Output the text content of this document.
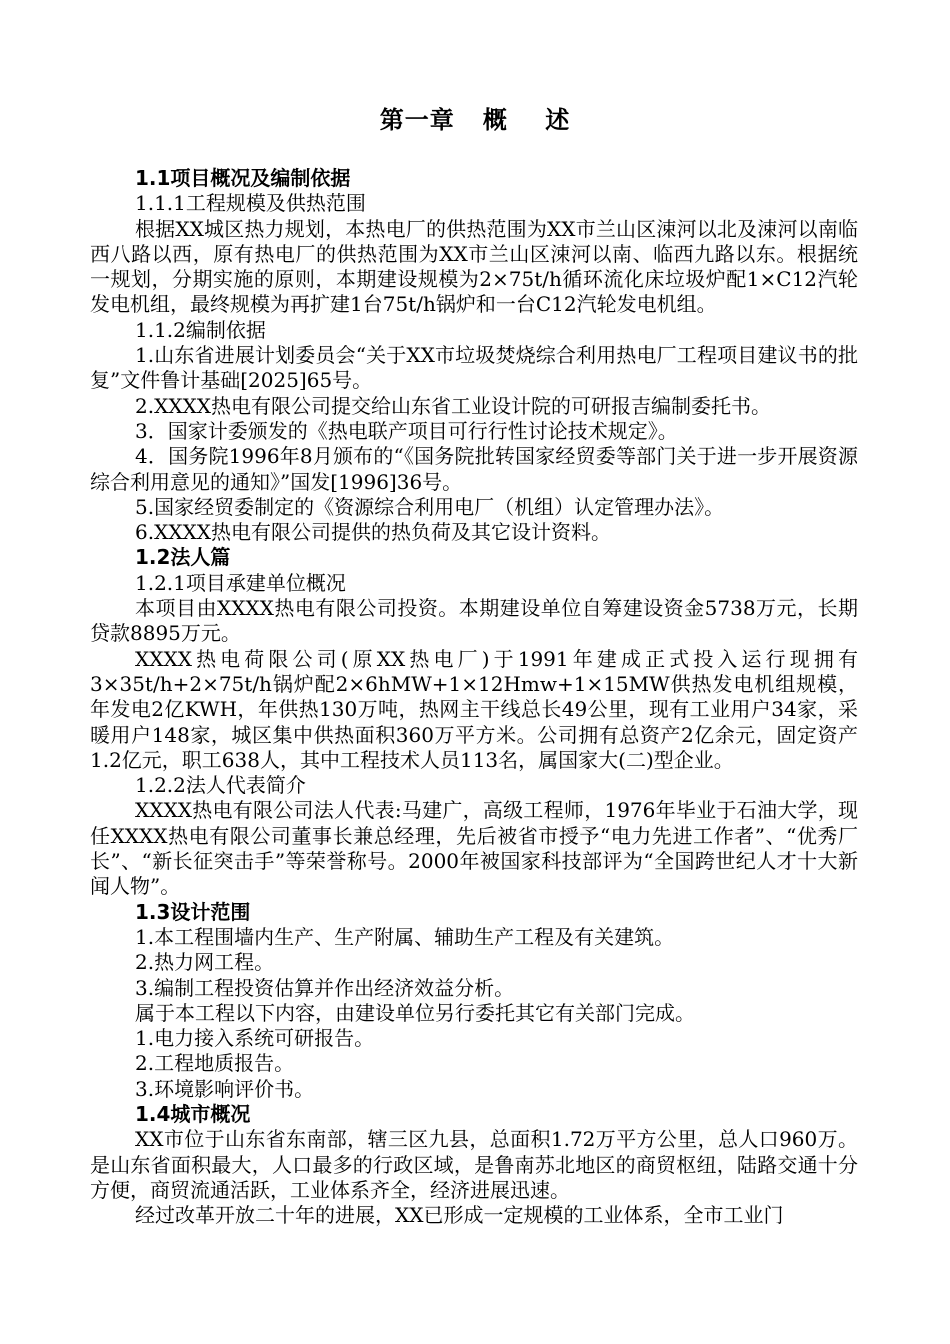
第一章   概    述

1.1项目概况及编制依据

1.1.1工程规模及供热范围

根据XX城区热力规划，本热电厂的供热范围为XX市兰山区涑河以北及涑河以南临西八路以西，原有热电厂的供热范围为XX市兰山区涑河以南、临西九路以东。根据统一规划，分期实施的原则，本期建设规模为2×75t/h循环流化床垃圾炉配1×C12汽轮发电机组，最终规模为再扩建1台75t/h锅炉和一台C12汽轮发电机组。

1.1.2编制依据

1.山东省进展计划委员会“关于XX市垃圾焚烧综合利用热电厂工程项目建议书的批复”文件鲁计基础[2025]65号。

2.XXXX热电有限公司提交给山东省工业设计院的可研报吉编制委托书。

3．国家计委颁发的《热电联产项目可行行性讨论技术规定》。

4．国务院1996年8月颁布的“《国务院批转国家经贸委等部门关于进一步开展资源综合利用意见的通知》”国发[1996]36号。

5.国家经贸委制定的《资源综合利用电厂（机组）认定管理办法》。

6.XXXX热电有限公司提供的热负荷及其它设计资料。

1.2法人篇

1.2.1项目承建单位概况

本项目由XXXX热电有限公司投资。本期建设单位自筹建设资金5738万元，长期贷款8895万元。

XXXX热电荷限公司(原XX热电厂)于1991年建成正式投入运行现拥有3×35t/h+2×75t/h锅炉配2×6hMW+1×12Hmw+1×15MW供热发电机组规模，年发电2亿KWH，年供热130万吨，热网主干线总长49公里，现有工业用户34家，采暖用户148家，城区集中供热面积360万平方米。公司拥有总资产2亿余元，固定资产1.2亿元，职工638人，其中工程技术人员113名，属国家大(二)型企业。

1.2.2法人代表简介

XXXX热电有限公司法人代表:马建广，高级工程师，1976年毕业于石油大学，现任XXXX热电有限公司董事长兼总经理，先后被省市授予“电力先进工作者”、“优秀厂长”、“新长征突击手”等荣誉称号。2000年被国家科技部评为“全国跨世纪人才十大新闻人物”。

1.3设计范围

1.本工程围墙内生产、生产附属、辅助生产工程及有关建筑。

2.热力网工程。

3.编制工程投资估算并作出经济效益分析。

属于本工程以下内容，由建设单位另行委托其它有关部门完成。

1.电力接入系统可研报告。

2.工程地质报告。

3.环境影响评价书。

1.4城市概况

XX市位于山东省东南部，辖三区九县，总面积1.72万平方公里，总人口960万。是山东省面积最大，人口最多的行政区域，是鲁南苏北地区的商贸枢纽，陆路交通十分方便，商贸流通活跃，工业体系齐全，经济进展迅速。

经过改革开放二十年的进展，XX已形成一定规模的工业体系，全市工业门
